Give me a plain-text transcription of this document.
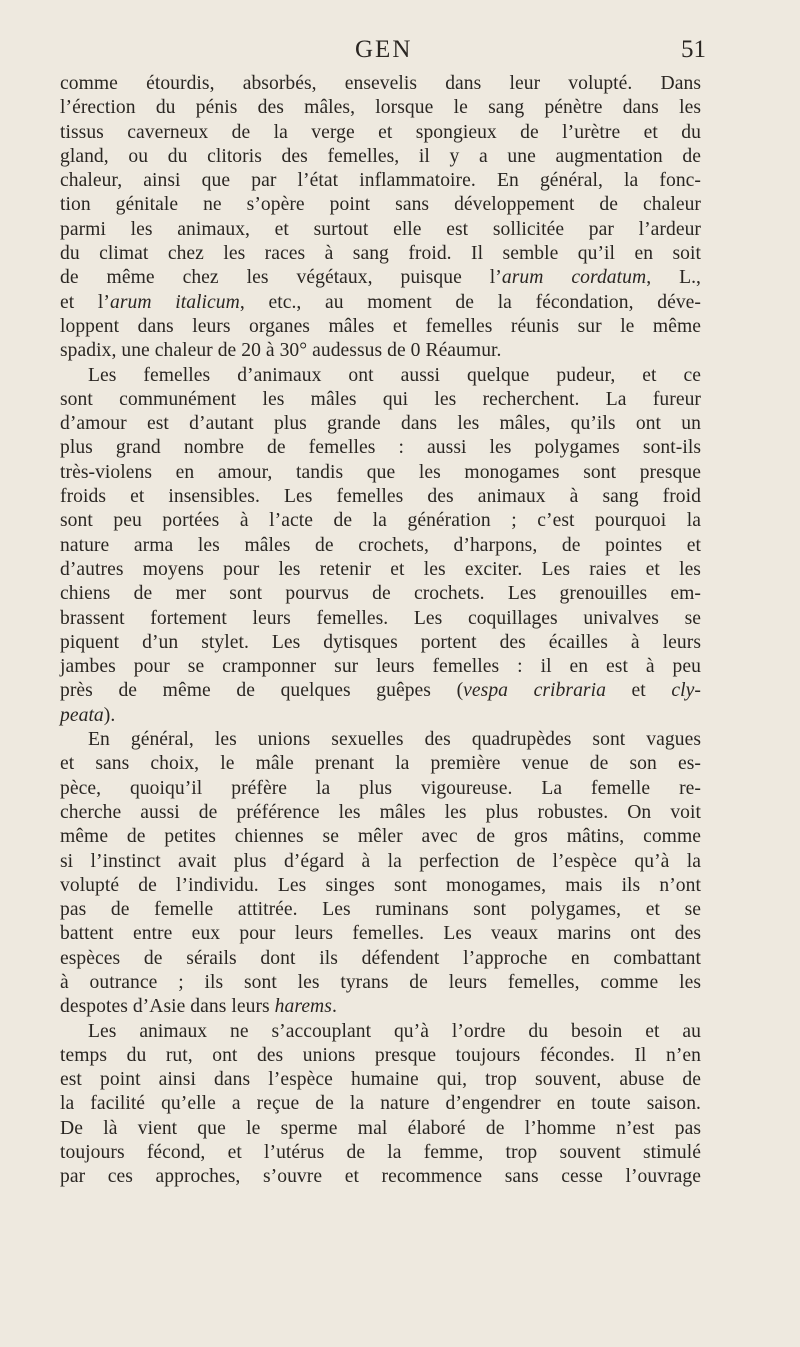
GEN	51
comme étourdis, absorbés, ensevelis dans leur volupté. Dans
l’érection du pénis des mâles, lorsque le sang pénètre dans les
tissus caverneux de la verge et spongieux de l’urètre et du
gland, ou du clitoris des femelles, il y a une augmentation de
chaleur, ainsi que par l’état inflammatoire. En général, la fonc-
tion génitale ne s’opère point sans développement de chaleur
parmi les animaux, et surtout elle est sollicitée par l’ardeur
du climat chez les races à sang froid. Il semble qu’il en soit
de même chez les végétaux, puisque l’arum cordatum, L.,
et l’arum italicum, etc., au moment de la fécondation, déve-
loppent dans leurs organes mâles et femelles réunis sur le même
spadix, une chaleur de 20 à 30° audessus de 0 Réaumur.
Les femelles d’animaux ont aussi quelque pudeur, et ce
sont communément les mâles qui les recherchent. La fureur
d’amour est d’autant plus grande dans les mâles, qu’ils ont un
plus grand nombre de femelles : aussi les polygames sont-ils
très-violens en amour, tandis que les monogames sont presque
froids et insensibles. Les femelles des animaux à sang froid
sont peu portées à l’acte de la génération ; c’est pourquoi la
nature arma les mâles de crochets, d’harpons, de pointes et
d’autres moyens pour les retenir et les exciter. Les raies et les
chiens de mer sont pourvus de crochets. Les grenouilles em-
brassent fortement leurs femelles. Les coquillages univalves se
piquent d’un stylet. Les dytisques portent des écailles à leurs
jambes pour se cramponner sur leurs femelles : il en est à peu
près de même de quelques guêpes (vespa cribraria et cly-
peata).
En général, les unions sexuelles des quadrupèdes sont vagues
et sans choix, le mâle prenant la première venue de son es-
pèce, quoiqu’il préfère la plus vigoureuse. La femelle re-
cherche aussi de préférence les mâles les plus robustes. On voit
même de petites chiennes se mêler avec de gros mâtins, comme
si l’instinct avait plus d’égard à la perfection de l’espèce qu’à la
volupté de l’individu. Les singes sont monogames, mais ils n’ont
pas de femelle attitrée. Les ruminans sont polygames, et se
battent entre eux pour leurs femelles. Les veaux marins ont des
espèces de sérails dont ils défendent l’approche en combattant
à outrance ; ils sont les tyrans de leurs femelles, comme les
despotes d’Asie dans leurs harems.
Les animaux ne s’accouplant qu’à l’ordre du besoin et au
temps du rut, ont des unions presque toujours fécondes. Il n’en
est point ainsi dans l’espèce humaine qui, trop souvent, abuse de
la facilité qu’elle a reçue de la nature d’engendrer en toute saison.
De là vient que le sperme mal élaboré de l’homme n’est pas
toujours fécond, et l’utérus de la femme, trop souvent stimulé
par ces approches, s’ouvre et recommence sans cesse l’ouvrage
